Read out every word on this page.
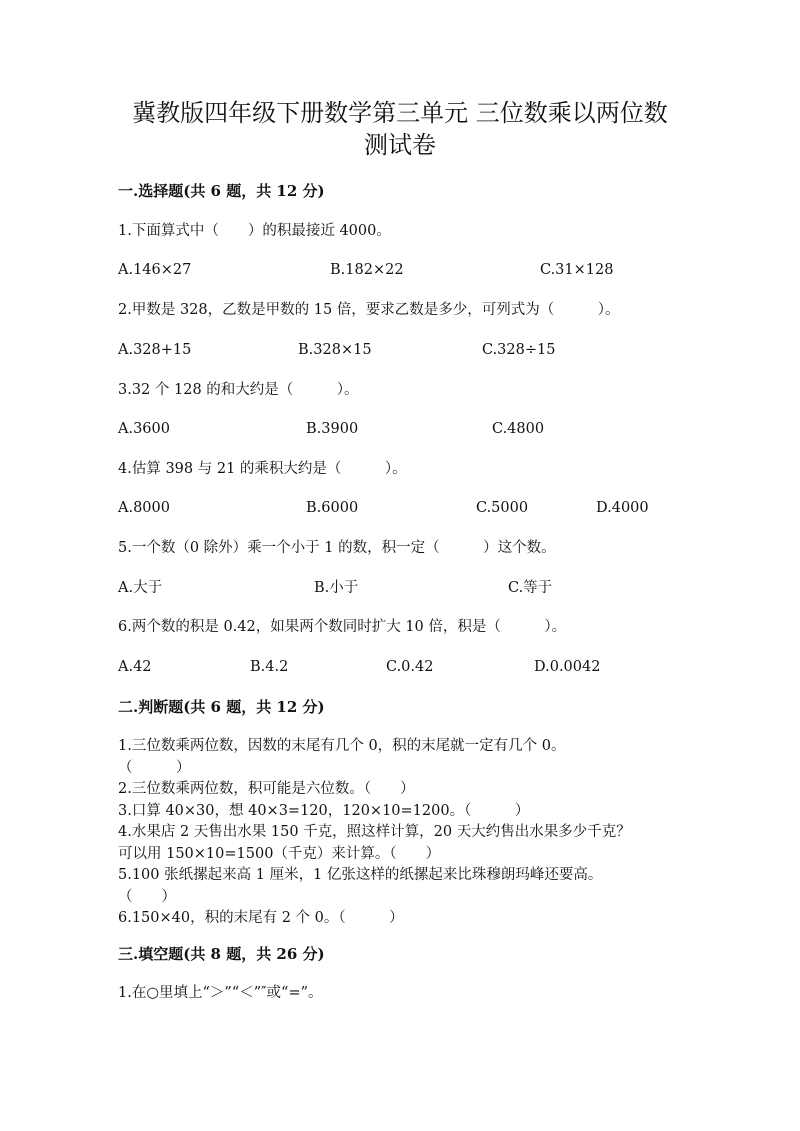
冀教版四年级下册数学第三单元 三位数乘以两位数
测试卷
一.选择题(共 6 题，共 12 分)
1.下面算式中（　　）的积最接近 4000。
A.146×27	B.182×22	C.31×128
2.甲数是 328，乙数是甲数的 15 倍，要求乙数是多少，可列式为（　　　）。
A.328+15	B.328×15	C.328÷15
3.32 个 128 的和大约是（　　　）。
A.3600	B.3900	C.4800
4.估算 398 与 21 的乘积大约是（　　　）。
A.8000	B.6000	C.5000	D.4000
5.一个数（0 除外）乘一个小于 1 的数，积一定（　　　）这个数。
A.大于	B.小于	C.等于
6.两个数的积是 0.42，如果两个数同时扩大 10 倍，积是（　　　）。
A.42	B.4.2	C.0.42	D.0.0042
二.判断题(共 6 题，共 12 分)
1.三位数乘两位数，因数的末尾有几个 0，积的末尾就一定有几个 0。
（　　　）
2.三位数乘两位数，积可能是六位数。（　　）
3.口算 40×30，想 40×3=120，120×10=1200。（　　　）
4.水果店 2 天售出水果 150 千克，照这样计算，20 天大约售出水果多少千克？
可以用 150×10=1500（千克）来计算。（　　）
5.100 张纸摞起来高 1 厘米，1 亿张这样的纸摞起来比珠穆朗玛峰还要高。
（　　）
6.150×40，积的末尾有 2 个 0。（　　　）
三.填空题(共 8 题，共 26 分)
1.在○里填上“＞”“＜”″或“=”。
